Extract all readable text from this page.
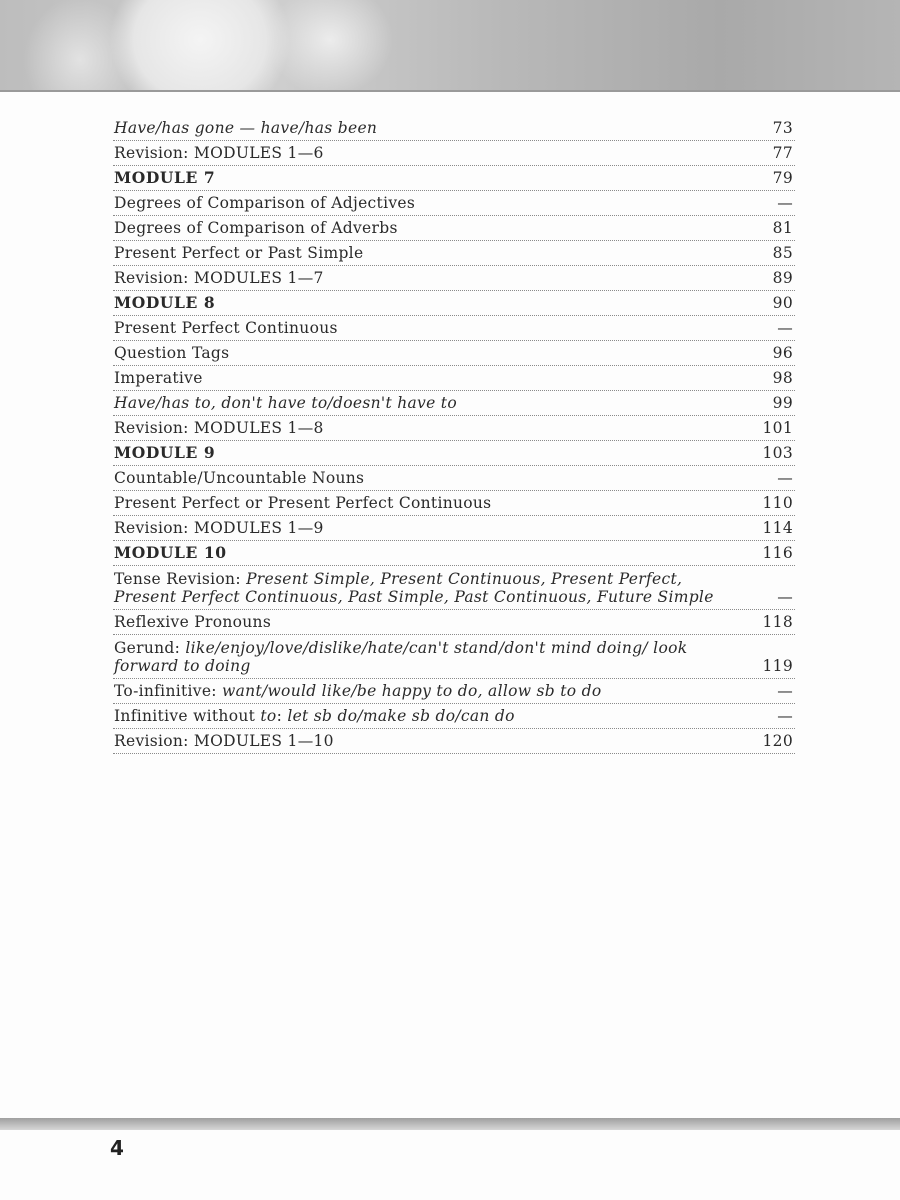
Have/has gone — have/has been	73
Revision: MODULES 1—6	77
MODULE 7	79
Degrees of Comparison of Adjectives	—
Degrees of Comparison of Adverbs	81
Present Perfect or Past Simple	85
Revision: MODULES 1—7	89
MODULE 8	90
Present Perfect Continuous	—
Question Tags	96
Imperative	98
Have/has to, don't have to/doesn't have to	99
Revision: MODULES 1—8	101
MODULE 9	103
Countable/Uncountable Nouns	—
Present Perfect or Present Perfect Continuous	110
Revision: MODULES 1—9	114
MODULE 10	116
Tense Revision: Present Simple, Present Continuous, Present Perfect, Present Perfect Continuous, Past Simple, Past Continuous, Future Simple	—
Reflexive Pronouns	118
Gerund: like/enjoy/love/dislike/hate/can't stand/don't mind doing/ look forward to doing	119
To-infinitive: want/would like/be happy to do, allow sb to do	—
Infinitive without to: let sb do/make sb do/can do	—
Revision: MODULES 1—10	120
4
